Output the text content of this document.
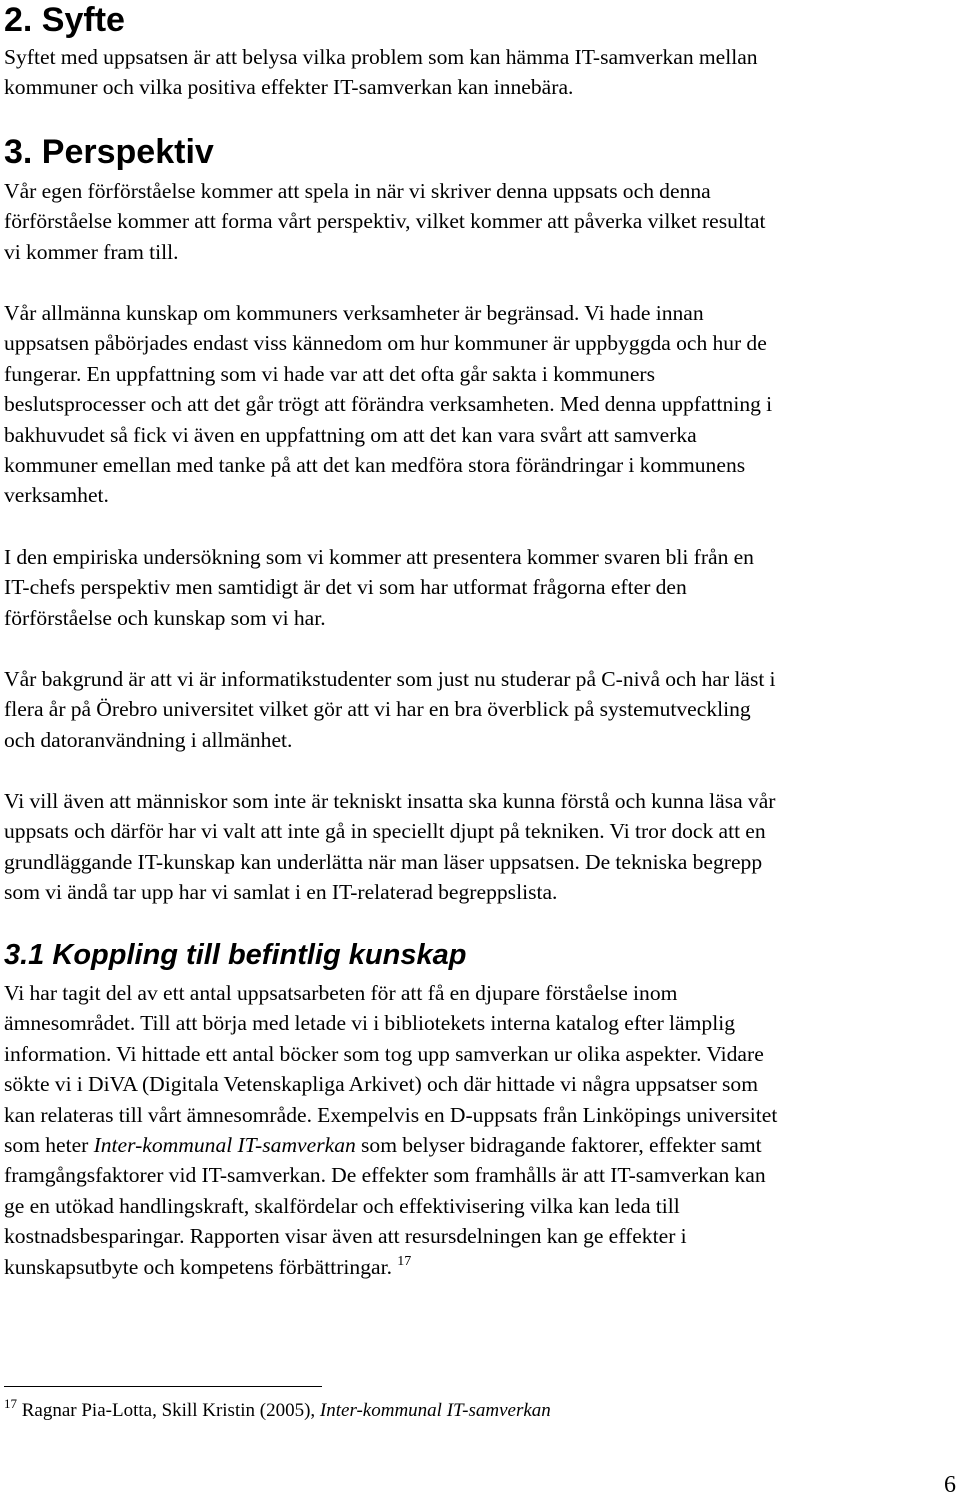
2. Syfte

Syftet med uppsatsen är att belysa vilka problem som kan hämma IT-samverkan mellan
kommuner och vilka positiva effekter IT-samverkan kan innebära.

3. Perspektiv

Vår egen förförståelse kommer att spela in när vi skriver denna uppsats och denna
förförståelse kommer att forma vårt perspektiv, vilket kommer att påverka vilket resultat
vi kommer fram till.

Vår allmänna kunskap om kommuners verksamheter är begränsad. Vi hade innan
uppsatsen påbörjades endast viss kännedom om hur kommuner är uppbyggda och hur de
fungerar. En uppfattning som vi hade var att det ofta går sakta i kommuners
beslutsprocesser och att det går trögt att förändra verksamheten. Med denna uppfattning i
bakhuvudet så fick vi även en uppfattning om att det kan vara svårt att samverka
kommuner emellan med tanke på att det kan medföra stora förändringar i kommunens
verksamhet.

I den empiriska undersökning som vi kommer att presentera kommer svaren bli från en
IT-chefs perspektiv men samtidigt är det vi som har utformat frågorna efter den
förförståelse och kunskap som vi har.

Vår bakgrund är att vi är informatikstudenter som just nu studerar på C-nivå och har läst i
flera år på Örebro universitet vilket gör att vi har en bra överblick på systemutveckling
och datoranvändning i allmänhet.

Vi vill även att människor som inte är tekniskt insatta ska kunna förstå och kunna läsa vår
uppsats och därför har vi valt att inte gå in speciellt djupt på tekniken. Vi tror dock att en
grundläggande IT-kunskap kan underlätta när man läser uppsatsen. De tekniska begrepp
som vi ändå tar upp har vi samlat i en IT-relaterad begreppslista.

3.1 Koppling till befintlig kunskap

Vi har tagit del av ett antal uppsatsarbeten för att få en djupare förståelse inom
ämnesområdet. Till att börja med letade vi i bibliotekets interna katalog efter lämplig
information. Vi hittade ett antal böcker som tog upp samverkan ur olika aspekter. Vidare
sökte vi i DiVA (Digitala Vetenskapliga Arkivet) och där hittade vi några uppsatser som
kan relateras till vårt ämnesområde. Exempelvis en D-uppsats från Linköpings universitet
som heter Inter-kommunal IT-samverkan som belyser bidragande faktorer, effekter samt
framgångsfaktorer vid IT-samverkan. De effekter som framhålls är att IT-samverkan kan
ge en utökad handlingskraft, skalfördelar och effektivisering vilka kan leda till
kostnadsbesparingar. Rapporten visar även att resursdelningen kan ge effekter i
kunskapsutbyte och kompetens förbättringar. $^{17}$

$^{17}$ Ragnar Pia-Lotta, Skill Kristin (2005), Inter-kommunal IT-samverkan

6
